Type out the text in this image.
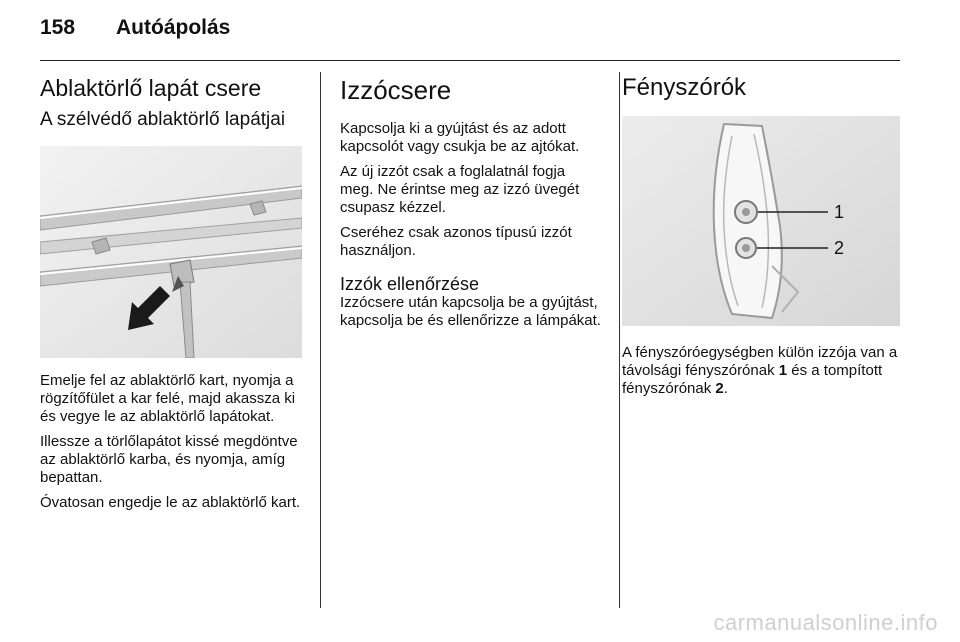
158 Autóápolás
Ablaktörlő lapát csere
A szélvédő ablaktörlő lapátjai

Emelje fel az ablaktörlő kart, nyomja a rögzítőfület a kar felé, majd akassza ki és vegye le az ablaktörlő lapátokat.

Illessze a törlőlapátot kissé megdöntve az ablaktörlő karba, és nyomja, amíg bepattan.

Óvatosan engedje le az ablaktörlő kart.

Izzócsere

Kapcsolja ki a gyújtást és az adott kapcsolót vagy csukja be az ajtókat.

Az új izzót csak a foglalatnál fogja meg. Ne érintse meg az izzó üvegét csupasz kézzel.

Cseréhez csak azonos típusú izzót használjon.

Izzók ellenőrzése

Izzócsere után kapcsolja be a gyújtást, kapcsolja be és ellenőrizze a lámpákat.

Fényszórók
1
2

A fényszóróegységben külön izzója van a távolsági fényszórónak 1 és a tompított fényszórónak 2.

carmanualsonline.info
